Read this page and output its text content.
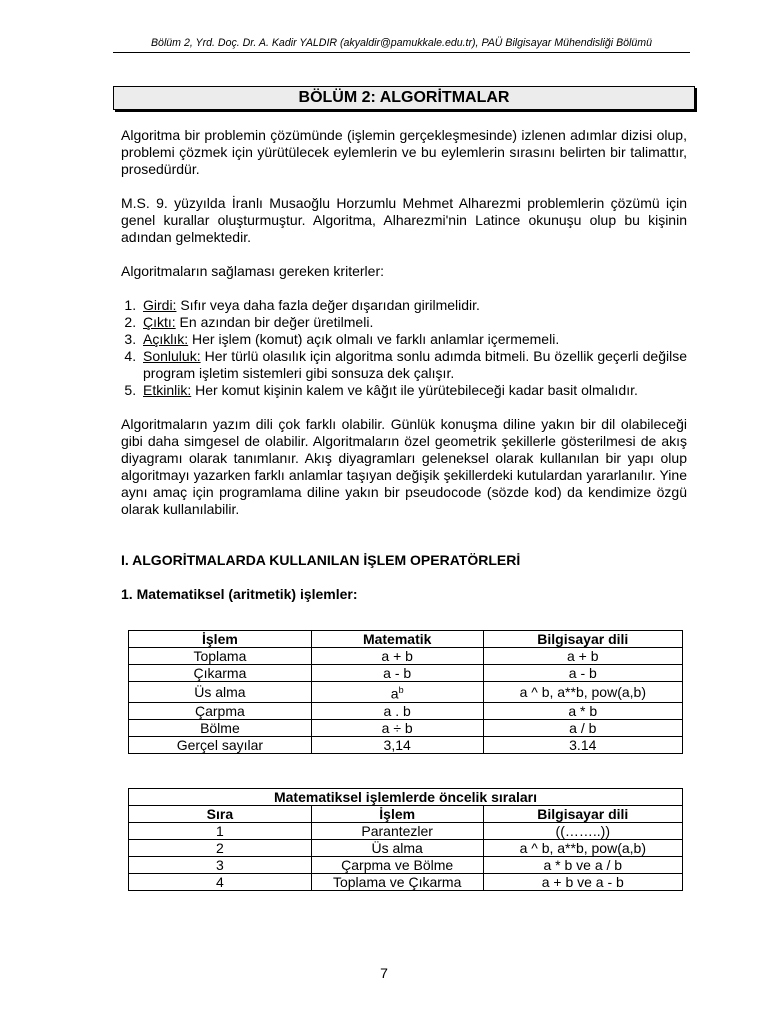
Bölüm 2, Yrd. Doç. Dr. A. Kadir YALDIR (akyaldir@pamukkale.edu.tr), PAÜ Bilgisayar Mühendisliği Bölümü
BÖLÜM 2: ALGORİTMALAR

Algoritma bir problemin çözümünde (işlemin gerçekleşmesinde) izlenen adımlar dizisi olup, problemi çözmek için yürütülecek eylemlerin ve bu eylemlerin sırasını belirten bir talimattır, prosedürdür.

M.S. 9. yüzyılda İranlı Musaoğlu Horzumlu Mehmet Alharezmi problemlerin çözümü için genel kurallar oluşturmuştur. Algoritma, Alharezmi'nin Latince okunuşu olup bu kişinin adından gelmektedir.

Algoritmaların sağlaması gereken kriterler:

1. Girdi: Sıfır veya daha fazla değer dışarıdan girilmelidir.
2. Çıktı: En azından bir değer üretilmeli.
3. Açıklık: Her işlem (komut) açık olmalı ve farklı anlamlar içermemeli.
4. Sonluluk: Her türlü olasılık için algoritma sonlu adımda bitmeli. Bu özellik geçerli değilse program işletim sistemleri gibi sonsuza dek çalışır.
5. Etkinlik: Her komut kişinin kalem ve kâğıt ile yürütebileceği kadar basit olmalıdır.

Algoritmaların yazım dili çok farklı olabilir. Günlük konuşma diline yakın bir dil olabileceği gibi daha simgesel de olabilir. Algoritmaların özel geometrik şekillerle gösterilmesi de akış diyagramı olarak tanımlanır. Akış diyagramları geleneksel olarak kullanılan bir yapı olup algoritmayı yazarken farklı anlamlar taşıyan değişik şekillerdeki kutulardan yararlanılır. Yine aynı amaç için programlama diline yakın bir pseudocode (sözde kod) da kendimize özgü olarak kullanılabilir.

I. ALGORİTMALARDA KULLANILAN İŞLEM OPERATÖRLERİ
1. Matematiksel (aritmetik) işlemler:
İşlem	Matematik	Bilgisayar dili
Toplama	a + b	a + b
Çıkarma	a - b	a - b
Üs alma	$a^b$	a ^ b, a**b, pow(a,b)
Çarpma	a . b	a * b
Bölme	a ÷ b	a / b
Gerçel sayılar	3,14	3.14
Matematiksel işlemlerde öncelik sıraları		
Sıra	İşlem	Bilgisayar dili
1	Parantezler	((……..))
2	Üs alma	a ^ b, a**b, pow(a,b)
3	Çarpma ve Bölme	a * b ve a / b
4	Toplama ve Çıkarma	a + b ve a - b
7
